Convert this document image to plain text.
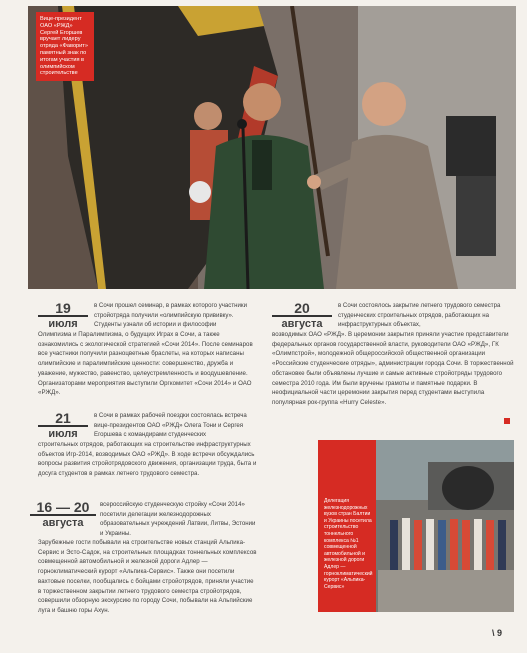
Вице-президент ОАО «РЖД» Сергей Егоршев вручает лидеру отряда «Фаворит» памятный знак по итогам участия в олимпийском строительстве
19
июля
в Сочи прошел семинар, в рамках которого участники стройотряда получили «олимпийскую прививку». Студенты узнали об истории и философии
Олимпизма и Паралимпизма, о будущих Играх в Сочи, а также ознакомились с экологической стратегией «Сочи 2014». После семинаров все участники получили разноцветные браслеты, на которых написаны олимпийские и паралимпийские ценности: совершенство, дружба и уважение, мужество, равенство, целеустремленность и воодушевление. Организаторами мероприятия выступили Оргкомитет «Сочи 2014» и ОАО «РЖД».
21
июля
в Сочи в рамках рабочей поездки состоялась встреча вице-президентов ОАО «РЖД» Олега Тони и Сергея Егоршева с командирами студенческих
строительных отрядов, работающих на строительстве инфраструктурных объектов Игр-2014, возводимых ОАО «РЖД». В ходе встречи обсуждались вопросы развития стройотрядовского движения, организации труда, быта и досуга студентов в рамках летнего трудового семестра.
16 — 20
августа
всероссийскую студенческую стройку «Сочи 2014» посетили делегации железнодорожных образовательных учреждений Латвии, Литвы, Эстонии и Украины.
Зарубежные гости побывали на строительстве новых станций Альпика-Сервис и Эсто-Садок, на строительных площадках тоннельных комплексов совмещенной автомобильной и железной дороги Адлер — горноклиматический курорт «Альпика-Сервис». Также они посетили вахтовые поселки, пообщались с бойцами стройотрядов, приняли участие в торжественном закрытии летнего трудового семестра стройотрядов, совершили обзорную экскурсию по городу Сочи, побывали на Альпийские луга и башню горы Ахун.
20
августа
в Сочи состоялось закрытие летнего трудового семестра студенческих строительных отрядов, работающих на инфраструктурных объектах,
возводимых ОАО «РЖД». В церемонии закрытия приняли участие представители федеральных органов государственной власти, руководители ОАО «РЖД», ГК «Олимпстрой», молодежной общероссийской общественной организации «Российские студенческие отряды», администрации города Сочи. В торжественной обстановке были объявлены лучшие и самые активные стройотряды трудового семестра 2010 года. Им были вручены грамоты и памятные подарки. В неофициальной части церемонии закрытия перед студентами выступила популярная рок-группа «Hurry Celeste».
Делегация железнодорожных вузов стран Балтии и Украины посетила строительство тоннельного комплекса №1 совмещенной автомобильной и железной дороги Адлер — горноклиматический курорт «Альпика-Сервис»
\ 9
